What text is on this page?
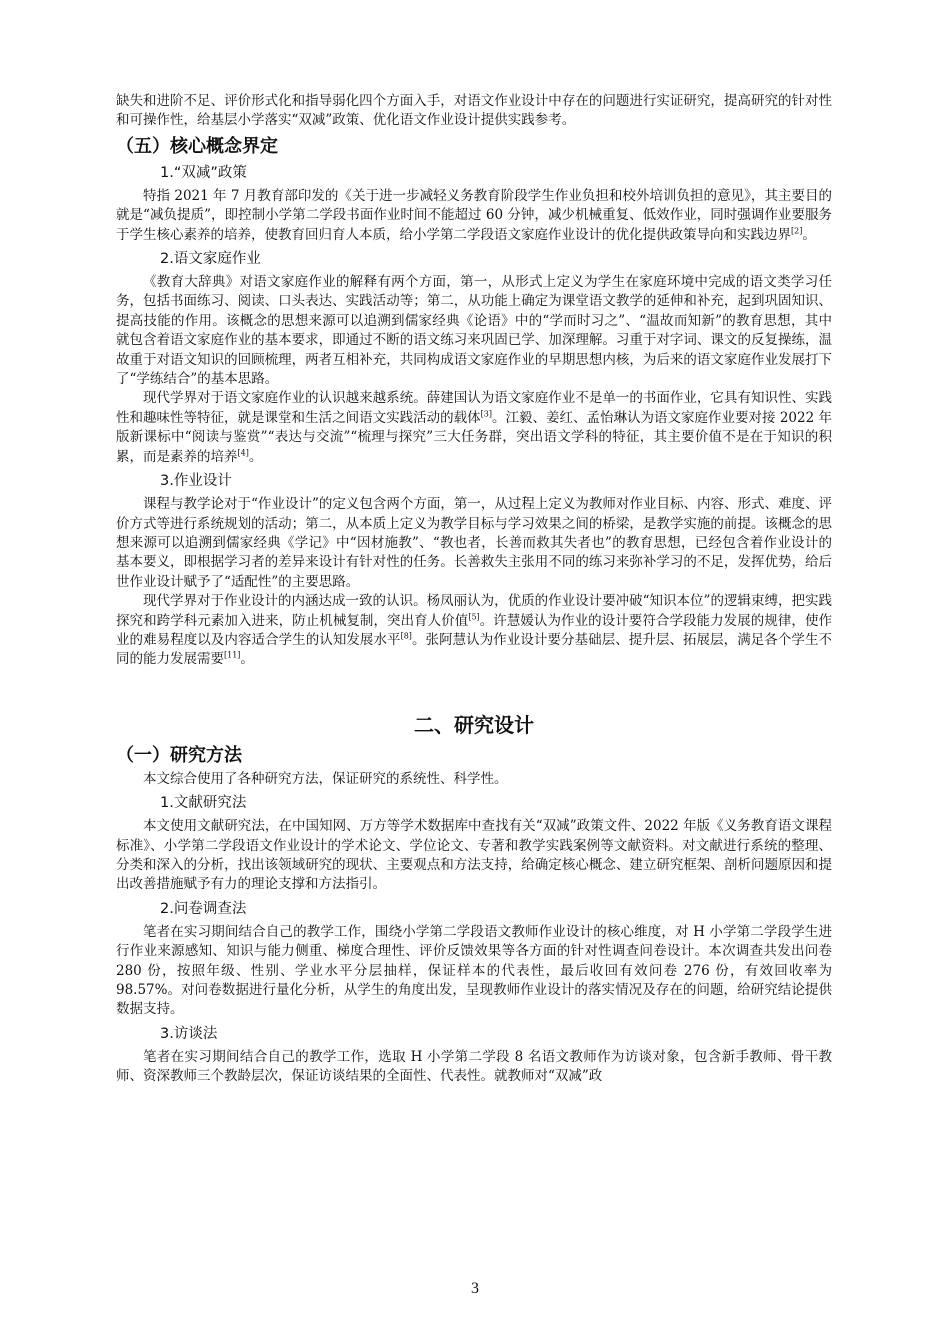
缺失和进阶不足、评价形式化和指导弱化四个方面入手，对语文作业设计中存在的问题进行实证研究，提高研究的针对性和可操作性，给基层小学落实“双减”政策、优化语文作业设计提供实践参考。

（五）核心概念界定
1.“双减”政策

特指 2021 年 7 月教育部印发的《关于进一步减轻义务教育阶段学生作业负担和校外培训负担的意见》，其主要目的就是“减负提质”，即控制小学第二学段书面作业时间不能超过 60 分钟，减少机械重复、低效作业，同时强调作业要服务于学生核心素养的培养，使教育回归育人本质，给小学第二学段语文家庭作业设计的优化提供政策导向和实践边界[2]。

2.语文家庭作业

《教育大辞典》对语文家庭作业的解释有两个方面，第一，从形式上定义为学生在家庭环境中完成的语文类学习任务，包括书面练习、阅读、口头表达、实践活动等；第二，从功能上确定为课堂语文教学的延伸和补充，起到巩固知识、提高技能的作用。该概念的思想来源可以追溯到儒家经典《论语》中的“学而时习之”、“温故而知新”的教育思想，其中就包含着语文家庭作业的基本要求，即通过不断的语文练习来巩固已学、加深理解。习重于对字词、课文的反复操练，温故重于对语文知识的回顾梳理，两者互相补充，共同构成语文家庭作业的早期思想内核，为后来的语文家庭作业发展打下了“学练结合”的基本思路。

现代学界对于语文家庭作业的认识越来越系统。薛建国认为语文家庭作业不是单一的书面作业，它具有知识性、实践性和趣味性等特征，就是课堂和生活之间语文实践活动的载体[3]。江毅、姜红、孟怡琳认为语文家庭作业要对接 2022 年版新课标中“阅读与鉴赏”“表达与交流”“梳理与探究”三大任务群，突出语文学科的特征，其主要价值不是在于知识的积累，而是素养的培养[4]。

3.作业设计

课程与教学论对于“作业设计”的定义包含两个方面，第一，从过程上定义为教师对作业目标、内容、形式、难度、评价方式等进行系统规划的活动；第二，从本质上定义为教学目标与学习效果之间的桥梁，是教学实施的前提。该概念的思想来源可以追溯到儒家经典《学记》中“因材施教”、“教也者，长善而救其失者也”的教育思想，已经包含着作业设计的基本要义，即根据学习者的差异来设计有针对性的任务。长善救失主张用不同的练习来弥补学习的不足，发挥优势，给后世作业设计赋予了“适配性”的主要思路。

现代学界对于作业设计的内涵达成一致的认识。杨凤丽认为，优质的作业设计要冲破“知识本位”的逻辑束缚，把实践探究和跨学科元素加入进来，防止机械复制，突出育人价值[5]。许慧媛认为作业的设计要符合学段能力发展的规律，使作业的难易程度以及内容适合学生的认知发展水平[8]。张阿慧认为作业设计要分基础层、提升层、拓展层，满足各个学生不同的能力发展需要[11]。

二、研究设计
（一）研究方法

本文综合使用了各种研究方法，保证研究的系统性、科学性。

1.文献研究法

本文使用文献研究法，在中国知网、万方等学术数据库中查找有关“双减”政策文件、2022 年版《义务教育语文课程标准》、小学第二学段语文作业设计的学术论文、学位论文、专著和教学实践案例等文献资料。对文献进行系统的整理、分类和深入的分析，找出该领域研究的现状、主要观点和方法支持，给确定核心概念、建立研究框架、剖析问题原因和提出改善措施赋予有力的理论支撑和方法指引。

2.问卷调查法

笔者在实习期间结合自己的教学工作，围绕小学第二学段语文教师作业设计的核心维度，对 H 小学第二学段学生进行作业来源感知、知识与能力侧重、梯度合理性、评价反馈效果等各方面的针对性调查问卷设计。本次调查共发出问卷 280 份，按照年级、性别、学业水平分层抽样，保证样本的代表性，最后收回有效问卷 276 份，有效回收率为 98.57%。对问卷数据进行量化分析，从学生的角度出发，呈现教师作业设计的落实情况及存在的问题，给研究结论提供数据支持。

3.访谈法

笔者在实习期间结合自己的教学工作，选取 H 小学第二学段 8 名语文教师作为访谈对象，包含新手教师、骨干教师、资深教师三个教龄层次，保证访谈结果的全面性、代表性。就教师对“双减”政

3
